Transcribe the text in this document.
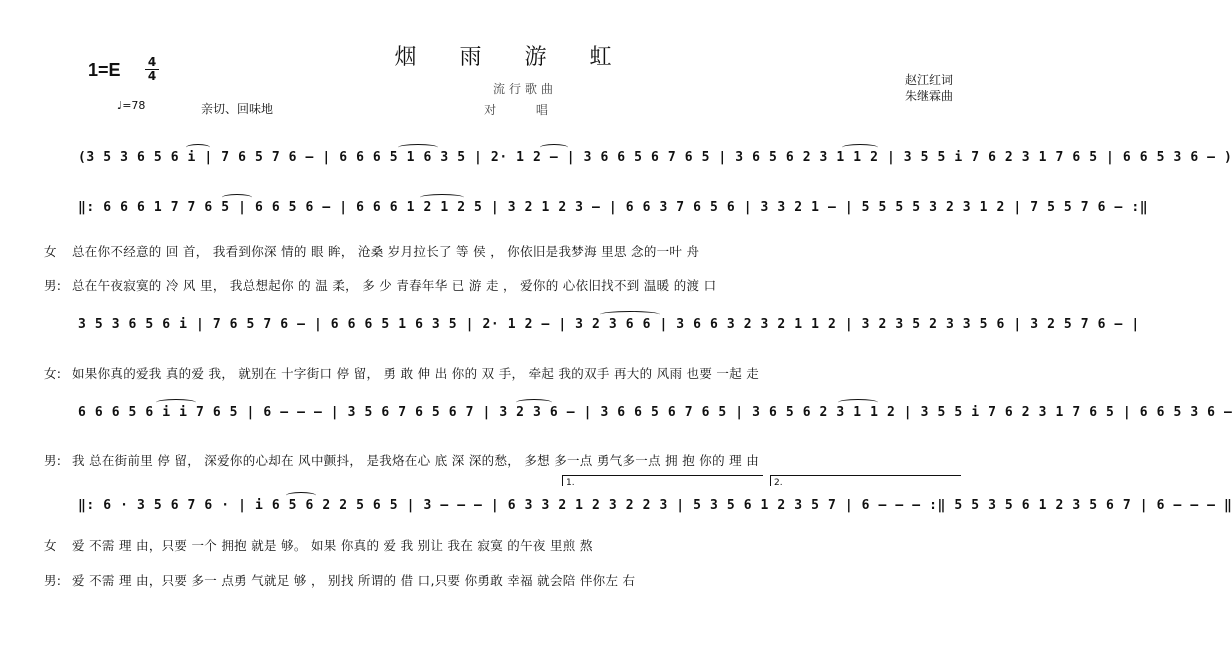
烟 雨 游 虹
流行歌曲
对 唱
1=E 4
4
♩=78	亲切、回味地
赵江红词
朱继霖曲
(3 5 3 6 5 6 i | 7 6 5 7 6 – | 6 6 6 5 1 6 3 5 | 2· 1 2 – | 3 6 6 5 6 7 6 5 | 3 6 5 6 2 3 1 1 2 | 3 5 5 i 7 6 2 3 1 7 6 5 | 6 6 5 3 6 – )
‖: 6 6 6 1 7 7 6 5 | 6 6 5 6 – | 6 6 6 1 2 1 2 5 | 3 2 1 2 3 – | 6 6 3 7 6 5 6 | 3 3 2 1 – | 5 5 5 5 3 2 3 1 2 | 7 5 5 7 6 – :‖
3 5 3 6 5 6 i | 7 6 5 7 6 – | 6 6 6 5 1 6 3 5 | 2· 1 2 – | 3 2 3 6 6 | 3 6 6 3 2 3 2 1 1 2 | 3 2 3 5 2 3 3 5 6 | 3 2 5 7 6 – |
6 6 6 5 6 i i 7 6 5 | 6 – – – | 3 5 6 7 6 5 6 7 | 3 2 3 6 – | 3 6 6 5 6 7 6 5 | 3 6 5 6 2 3 1 1 2 | 3 5 5 i 7 6 2 3 1 7 6 5 | 6 6 5 3 6 –
‖: 6 · 3 5 6 7 6 · | i 6 5 6 2 2 5 6 5 | 3 – – – | 6 3 3 2 1 2 3 2 2 3 | 5 3 5 6 1 2 3 5 7 | 6 – – – :‖ 5 5 3 5 6 1 2 3 5 6 7 | 6 – – – ‖
1.	2.
女 总在你不经意的 回 首， 我看到你深 情的 眼 眸， 沧桑 岁月拉长了 等 侯 ， 你依旧是我梦海 里思 念的一叶 舟
男: 总在午夜寂寞的 冷 风 里， 我总想起你 的 温 柔， 多 少 青春年华 已 游 走 ， 爱你的 心依旧找不到 温暖 的渡 口
女: 如果你真的爱我 真的爱 我， 就别在 十字街口 停 留， 勇 敢 伸 出 你的 双 手， 牵起 我的双手 再大的 风雨 也要 一起 走
男: 我 总在街前里 停 留， 深爱你的心却在 风中颤抖， 是我烙在心 底 深 深的愁， 多想 多一点 勇气多一点 拥 抱 你的 理 由
女 爱 不需 理 由，只要 一个 拥抱 就是 够。 如果 你真的 爱 我 别让 我在 寂寞 的午夜 里煎 熬
男: 爱 不需 理 由，只要 多一 点勇 气就足 够 ， 别找 所谓的 借 口,只要 你勇敢 幸福 就会陪 伴你左 右
